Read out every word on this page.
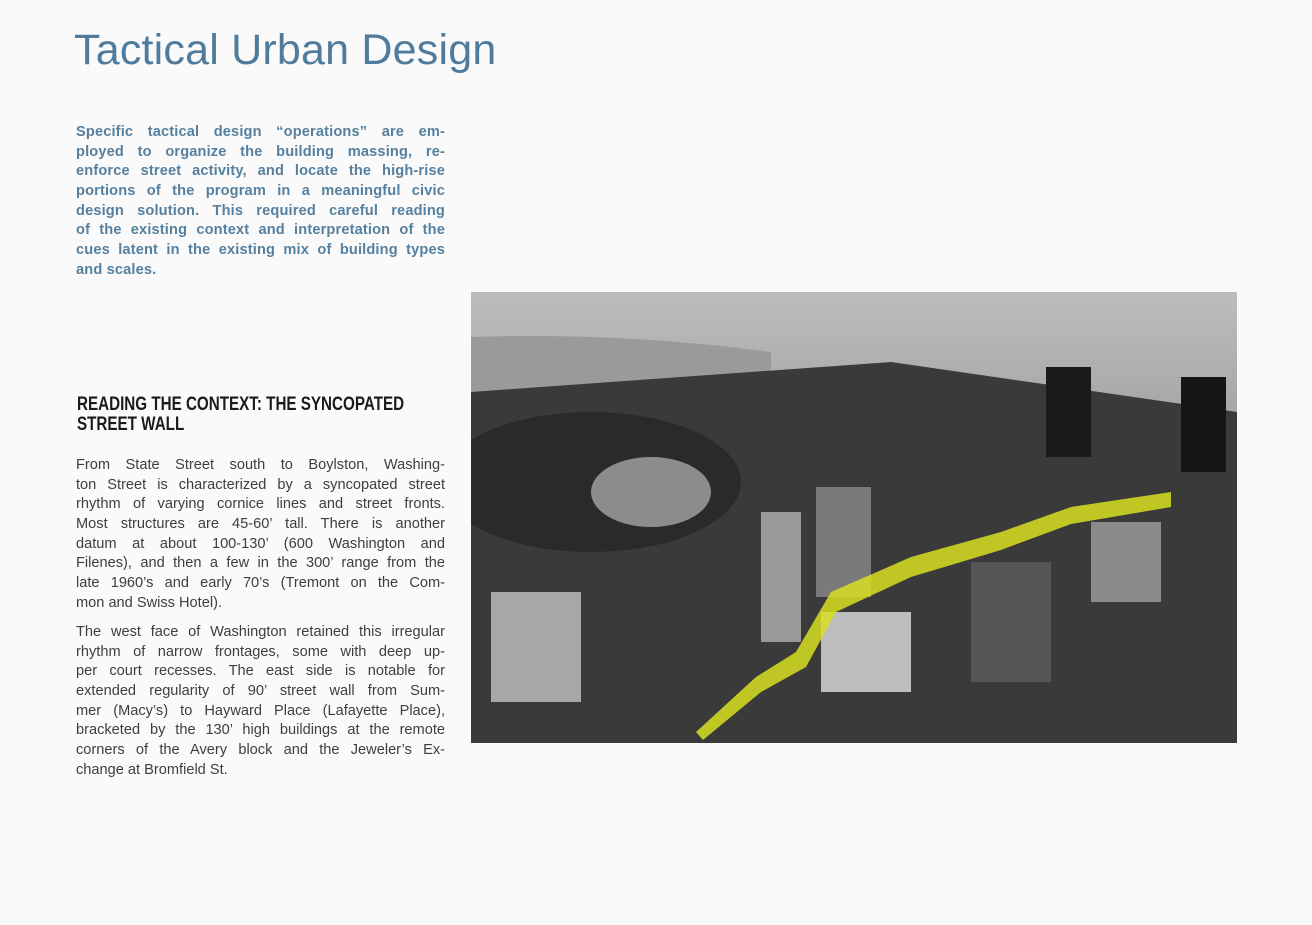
Tactical Urban Design
Specific tactical design “operations” are em-
ployed to organize the building massing, re-
enforce street activity, and locate the high-rise
portions of the program in a meaningful civic
design solution. This required careful reading
of the existing context and interpretation of the
cues latent in the existing mix of building types
and scales.
READING THE CONTEXT: THE SYNCOPATED
STREET WALL
From State Street south to Boylston, Washing-
ton Street is characterized by a syncopated street
rhythm of varying cornice lines and street fronts.
Most structures are 45-60’ tall. There is another
datum at about 100-130’ (600 Washington and
Filenes), and then a few in the 300’ range from the
late 1960’s and early 70’s (Tremont on the Com-
mon and Swiss Hotel).
The west face of Washington retained this irregular
rhythm of narrow frontages, some with deep up-
per court recesses. The east side is notable for
extended regularity of 90’ street wall from Sum-
mer (Macy’s) to Hayward Place (Lafayette Place),
bracketed by the 130’ high buildings at the remote
corners of the Avery block and the Jeweler’s Ex-
change at Bromfield St.
